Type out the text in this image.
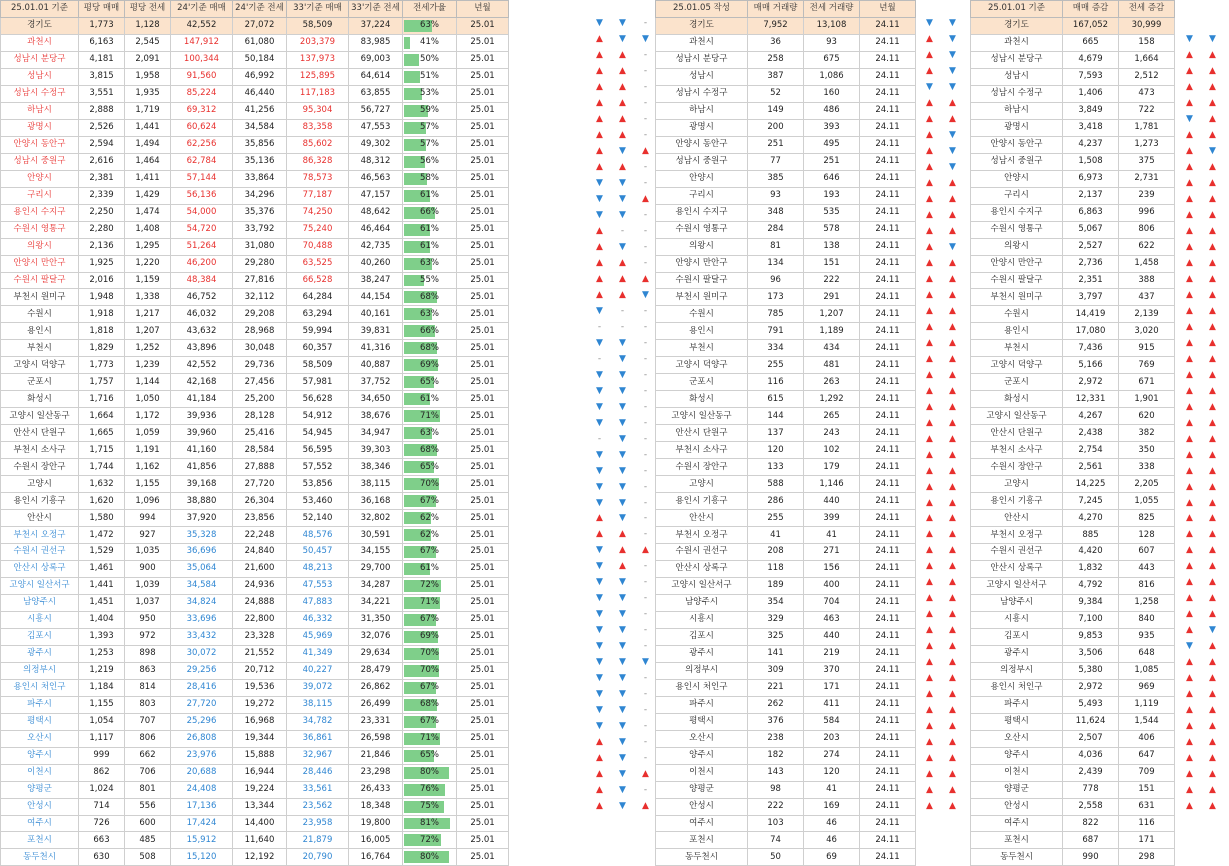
25.01.01 기준	평당 매매	평당 전세	24'기준 매매	24'기준 전세	33'기준 매매	33'기준 전세	전세가율	년월
경기도	1,773	1,128	42,552	27,072	58,509	37,224	63%	25.01
과천시	6,163	2,545	147,912	61,080	203,379	83,985	41%	25.01
성남시 분당구	4,181	2,091	100,344	50,184	137,973	69,003	50%	25.01
성남시	3,815	1,958	91,560	46,992	125,895	64,614	51%	25.01
성남시 수정구	3,551	1,935	85,224	46,440	117,183	63,855	53%	25.01
하남시	2,888	1,719	69,312	41,256	95,304	56,727	59%	25.01
광명시	2,526	1,441	60,624	34,584	83,358	47,553	57%	25.01
안양시 동안구	2,594	1,494	62,256	35,856	85,602	49,302	57%	25.01
성남시 중원구	2,616	1,464	62,784	35,136	86,328	48,312	56%	25.01
안양시	2,381	1,411	57,144	33,864	78,573	46,563	58%	25.01
구리시	2,339	1,429	56,136	34,296	77,187	47,157	61%	25.01
용인시 수지구	2,250	1,474	54,000	35,376	74,250	48,642	66%	25.01
수원시 영통구	2,280	1,408	54,720	33,792	75,240	46,464	61%	25.01
의왕시	2,136	1,295	51,264	31,080	70,488	42,735	61%	25.01
안양시 만안구	1,925	1,220	46,200	29,280	63,525	40,260	63%	25.01
수원시 팔달구	2,016	1,159	48,384	27,816	66,528	38,247	55%	25.01
부천시 원미구	1,948	1,338	46,752	32,112	64,284	44,154	68%	25.01
수원시	1,918	1,217	46,032	29,208	63,294	40,161	63%	25.01
용인시	1,818	1,207	43,632	28,968	59,994	39,831	66%	25.01
부천시	1,829	1,252	43,896	30,048	60,357	41,316	68%	25.01
고양시 덕양구	1,773	1,239	42,552	29,736	58,509	40,887	69%	25.01
군포시	1,757	1,144	42,168	27,456	57,981	37,752	65%	25.01
화성시	1,716	1,050	41,184	25,200	56,628	34,650	61%	25.01
고양시 일산동구	1,664	1,172	39,936	28,128	54,912	38,676	71%	25.01
안산시 단원구	1,665	1,059	39,960	25,416	54,945	34,947	63%	25.01
부천시 소사구	1,715	1,191	41,160	28,584	56,595	39,303	68%	25.01
수원시 장안구	1,744	1,162	41,856	27,888	57,552	38,346	65%	25.01
고양시	1,632	1,155	39,168	27,720	53,856	38,115	70%	25.01
용인시 기흥구	1,620	1,096	38,880	26,304	53,460	36,168	67%	25.01
안산시	1,580	994	37,920	23,856	52,140	32,802	62%	25.01
부천시 오정구	1,472	927	35,328	22,248	48,576	30,591	62%	25.01
수원시 권선구	1,529	1,035	36,696	24,840	50,457	34,155	67%	25.01
안산시 상록구	1,461	900	35,064	21,600	48,213	29,700	61%	25.01
고양시 일산서구	1,441	1,039	34,584	24,936	47,553	34,287	72%	25.01
남양주시	1,451	1,037	34,824	24,888	47,883	34,221	71%	25.01
시흥시	1,404	950	33,696	22,800	46,332	31,350	67%	25.01
김포시	1,393	972	33,432	23,328	45,969	32,076	69%	25.01
광주시	1,253	898	30,072	21,552	41,349	29,634	70%	25.01
의정부시	1,219	863	29,256	20,712	40,227	28,479	70%	25.01
용인시 처인구	1,184	814	28,416	19,536	39,072	26,862	67%	25.01
파주시	1,155	803	27,720	19,272	38,115	26,499	68%	25.01
평택시	1,054	707	25,296	16,968	34,782	23,331	67%	25.01
오산시	1,117	806	26,808	19,344	36,861	26,598	71%	25.01
양주시	999	662	23,976	15,888	32,967	21,846	65%	25.01
이천시	862	706	20,688	16,944	28,446	23,298	80%	25.01
양평군	1,024	801	24,408	19,224	33,561	26,433	76%	25.01
안성시	714	556	17,136	13,344	23,562	18,348	75%	25.01
여주시	726	600	17,424	14,400	23,958	19,800	81%	25.01
포천시	663	485	15,912	11,640	21,879	16,005	72%	25.01
동두천시	630	508	15,120	12,192	20,790	16,764	80%	25.01

▼	▼	-
▲	▼	▼
▲	▲	-
▲	▲	-
▲	▲	-
▲	▲	-
▲	▲	-
▲	▲	-
▲	▼	▲
▲	▲	-
▼	▼	-
▼	▼	▲
▼	▼	-
▲	-	-
▲	▼	-
▲	▲	-
▲	▲	▲
▲	▲	▼
▼	-	-
-	-	-
▼	▼	-
-	▼	-
▼	▼	-
▼	▼	-
▼	▼	-
▼	▼	-
-	▼	-
▼	▼	-
▼	▼	-
▼	▼	-
▼	▼	-
▲	▼	-
▲	▲	-
▼	▲	▲
▼	▲	-
▼	▼	-
▼	▼	-
▼	▼	-
▼	▼	-
▼	▼	-
▼	▼	▼
▼	▼	-
▼	▼	-
▼	▼	-
▼	▼	-
▲	▼	-
▲	▼	-
▲	▼	▲
▲	▼	-
▲	▼	▲
25.01.05 작성	매매 거래량	전세 거래량	년월
경기도	7,952	13,108	24.11
과천시	36	93	24.11
성남시 분당구	258	675	24.11
성남시	387	1,086	24.11
성남시 수정구	52	160	24.11
하남시	149	486	24.11
광명시	200	393	24.11
안양시 동안구	251	495	24.11
성남시 중원구	77	251	24.11
안양시	385	646	24.11
구리시	93	193	24.11
용인시 수지구	348	535	24.11
수원시 영통구	284	578	24.11
의왕시	81	138	24.11
안양시 만안구	134	151	24.11
수원시 팔달구	96	222	24.11
부천시 원미구	173	291	24.11
수원시	785	1,207	24.11
용인시	791	1,189	24.11
부천시	334	434	24.11
고양시 덕양구	255	481	24.11
군포시	116	263	24.11
화성시	615	1,292	24.11
고양시 일산동구	144	265	24.11
안산시 단원구	137	243	24.11
부천시 소사구	120	102	24.11
수원시 장안구	133	179	24.11
고양시	588	1,146	24.11
용인시 기흥구	286	440	24.11
안산시	255	399	24.11
부천시 오정구	41	41	24.11
수원시 권선구	208	271	24.11
안산시 상록구	118	156	24.11
고양시 일산서구	189	400	24.11
남양주시	354	704	24.11
시흥시	329	463	24.11
김포시	325	440	24.11
광주시	141	219	24.11
의정부시	309	370	24.11
용인시 처인구	221	171	24.11
파주시	262	411	24.11
평택시	376	584	24.11
오산시	238	203	24.11
양주시	182	274	24.11
이천시	143	120	24.11
양평군	98	41	24.11
안성시	222	169	24.11
여주시	103	46	24.11
포천시	74	46	24.11
동두천시	50	69	24.11

▼	▼	
▲	▼	
▲	▼	
▲	▼	
▼	▼	
▲	▲	
▲	▲	
▲	▼	
▲	▼	
▲	▼	
▲	▲	
▲	▲	
▲	▲	
▲	▲	
▲	▼	
▲	▲	
▲	▲	
▲	▲	
▲	▲	
▲	▲	
▲	▲	
▲	▲	
▲	▲	
▲	▲	
▲	▲	
▲	▲	
▲	▲	
▲	▲	
▲	▲	
▲	▲	
▲	▲	
▲	▲	
▲	▲	
▲	▲	
▲	▲	
▲	▲	
▲	▲	
▲	▲	
▲	▲	
▲	▲	
▲	▲	
▲	▲	
▲	▲	
▲	▲	
▲	▲	
▲	▲	
▲	▲	
▲	▲	
▲	▲	
▲	▲	
25.01.01 기준	매매 증감	전세 증감
경기도	167,052	30,999
과천시	665	158
성남시 분당구	4,679	1,664
성남시	7,593	2,512
성남시 수정구	1,406	473
하남시	3,849	722
광명시	3,418	1,781
안양시 동안구	4,237	1,273
성남시 중원구	1,508	375
안양시	6,973	2,731
구리시	2,137	239
용인시 수지구	6,863	996
수원시 영통구	5,067	806
의왕시	2,527	622
안양시 만안구	2,736	1,458
수원시 팔달구	2,351	388
부천시 원미구	3,797	437
수원시	14,419	2,139
용인시	17,080	3,020
부천시	7,436	915
고양시 덕양구	5,166	769
군포시	2,972	671
화성시	12,331	1,901
고양시 일산동구	4,267	620
안산시 단원구	2,438	382
부천시 소사구	2,754	350
수원시 장안구	2,561	338
고양시	14,225	2,205
용인시 기흥구	7,245	1,055
안산시	4,270	825
부천시 오정구	885	128
수원시 권선구	4,420	607
안산시 상록구	1,832	443
고양시 일산서구	4,792	816
남양주시	9,384	1,258
시흥시	7,100	840
김포시	9,853	935
광주시	3,506	648
의정부시	5,380	1,085
용인시 처인구	2,972	969
파주시	5,493	1,119
평택시	11,624	1,544
오산시	2,507	406
양주시	4,036	647
이천시	2,439	709
양평군	778	151
안성시	2,558	631
여주시	822	116
포천시	687	171
동두천시	990	298

▼	▼
▲	▲
▲	▲
▲	▲
▲	▲
▼	▲
▲	▲
▲	▼
▲	▲
▲	▲
▲	▲
▲	▲
▲	▲
▲	▲
▲	▲
▲	▲
▲	▲
▲	▲
▲	▲
▲	▲
▲	▲
▲	▲
▲	▲
▲	▲
▲	▲
▲	▲
▲	▲
▲	▲
▲	▲
▲	▲
▲	▲
▲	▲
▲	▲
▲	▲
▲	▲
▲	▲
▲	▲
▲	▼
▼	▲
▲	▲
▲	▲
▲	▲
▲	▲
▲	▲
▲	▲
▲	▲
▲	▲
▲	▲
▲	▲
